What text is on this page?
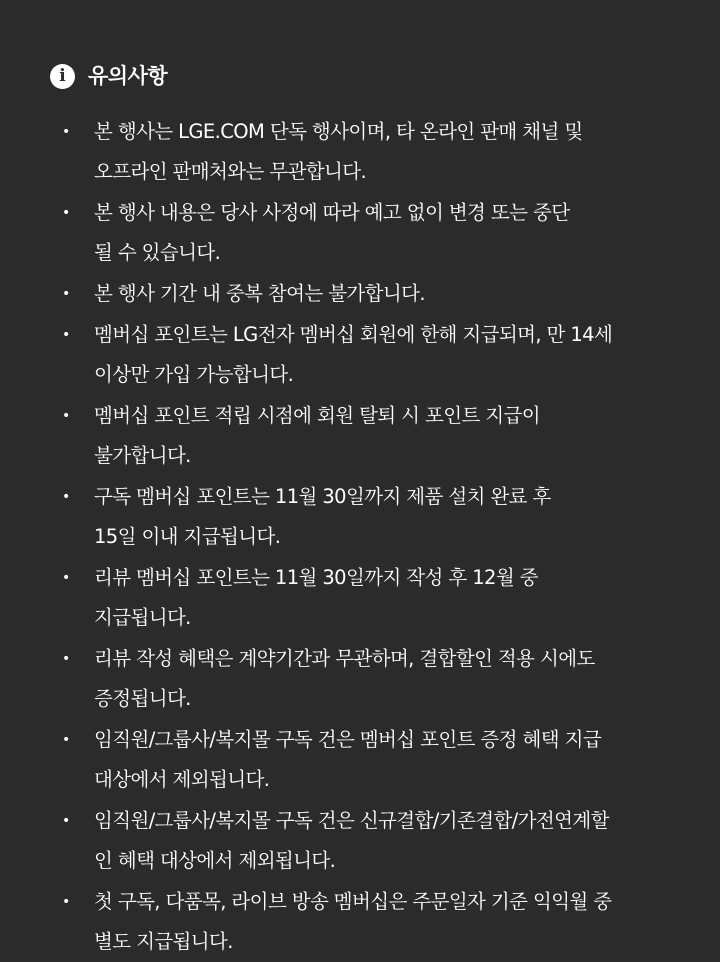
i	유의사항
• 본 행사는 LGE.COM 단독 행사이며, 타 온라인 판매 채널 및
오프라인 판매처와는 무관합니다.
• 본 행사 내용은 당사 사정에 따라 예고 없이 변경 또는 중단
될 수 있습니다.
• 본 행사 기간 내 중복 참여는 불가합니다.
• 멤버십 포인트는 LG전자 멤버십 회원에 한해 지급되며, 만 14세
이상만 가입 가능합니다.
• 멤버십 포인트 적립 시점에 회원 탈퇴 시 포인트 지급이
불가합니다.
• 구독 멤버십 포인트는 11월 30일까지 제품 설치 완료 후
15일 이내 지급됩니다.
• 리뷰 멤버십 포인트는 11월 30일까지 작성 후 12월 중
지급됩니다.
• 리뷰 작성 혜택은 계약기간과 무관하며, 결합할인 적용 시에도
증정됩니다.
• 임직원/그룹사/복지몰 구독 건은 멤버십 포인트 증정 혜택 지급
대상에서 제외됩니다.
• 임직원/그룹사/복지몰 구독 건은 신규결합/기존결합/가전연계할
인 혜택 대상에서 제외됩니다.
• 첫 구독, 다품목, 라이브 방송 멤버십은 주문일자 기준 익익월 중
별도 지급됩니다.
